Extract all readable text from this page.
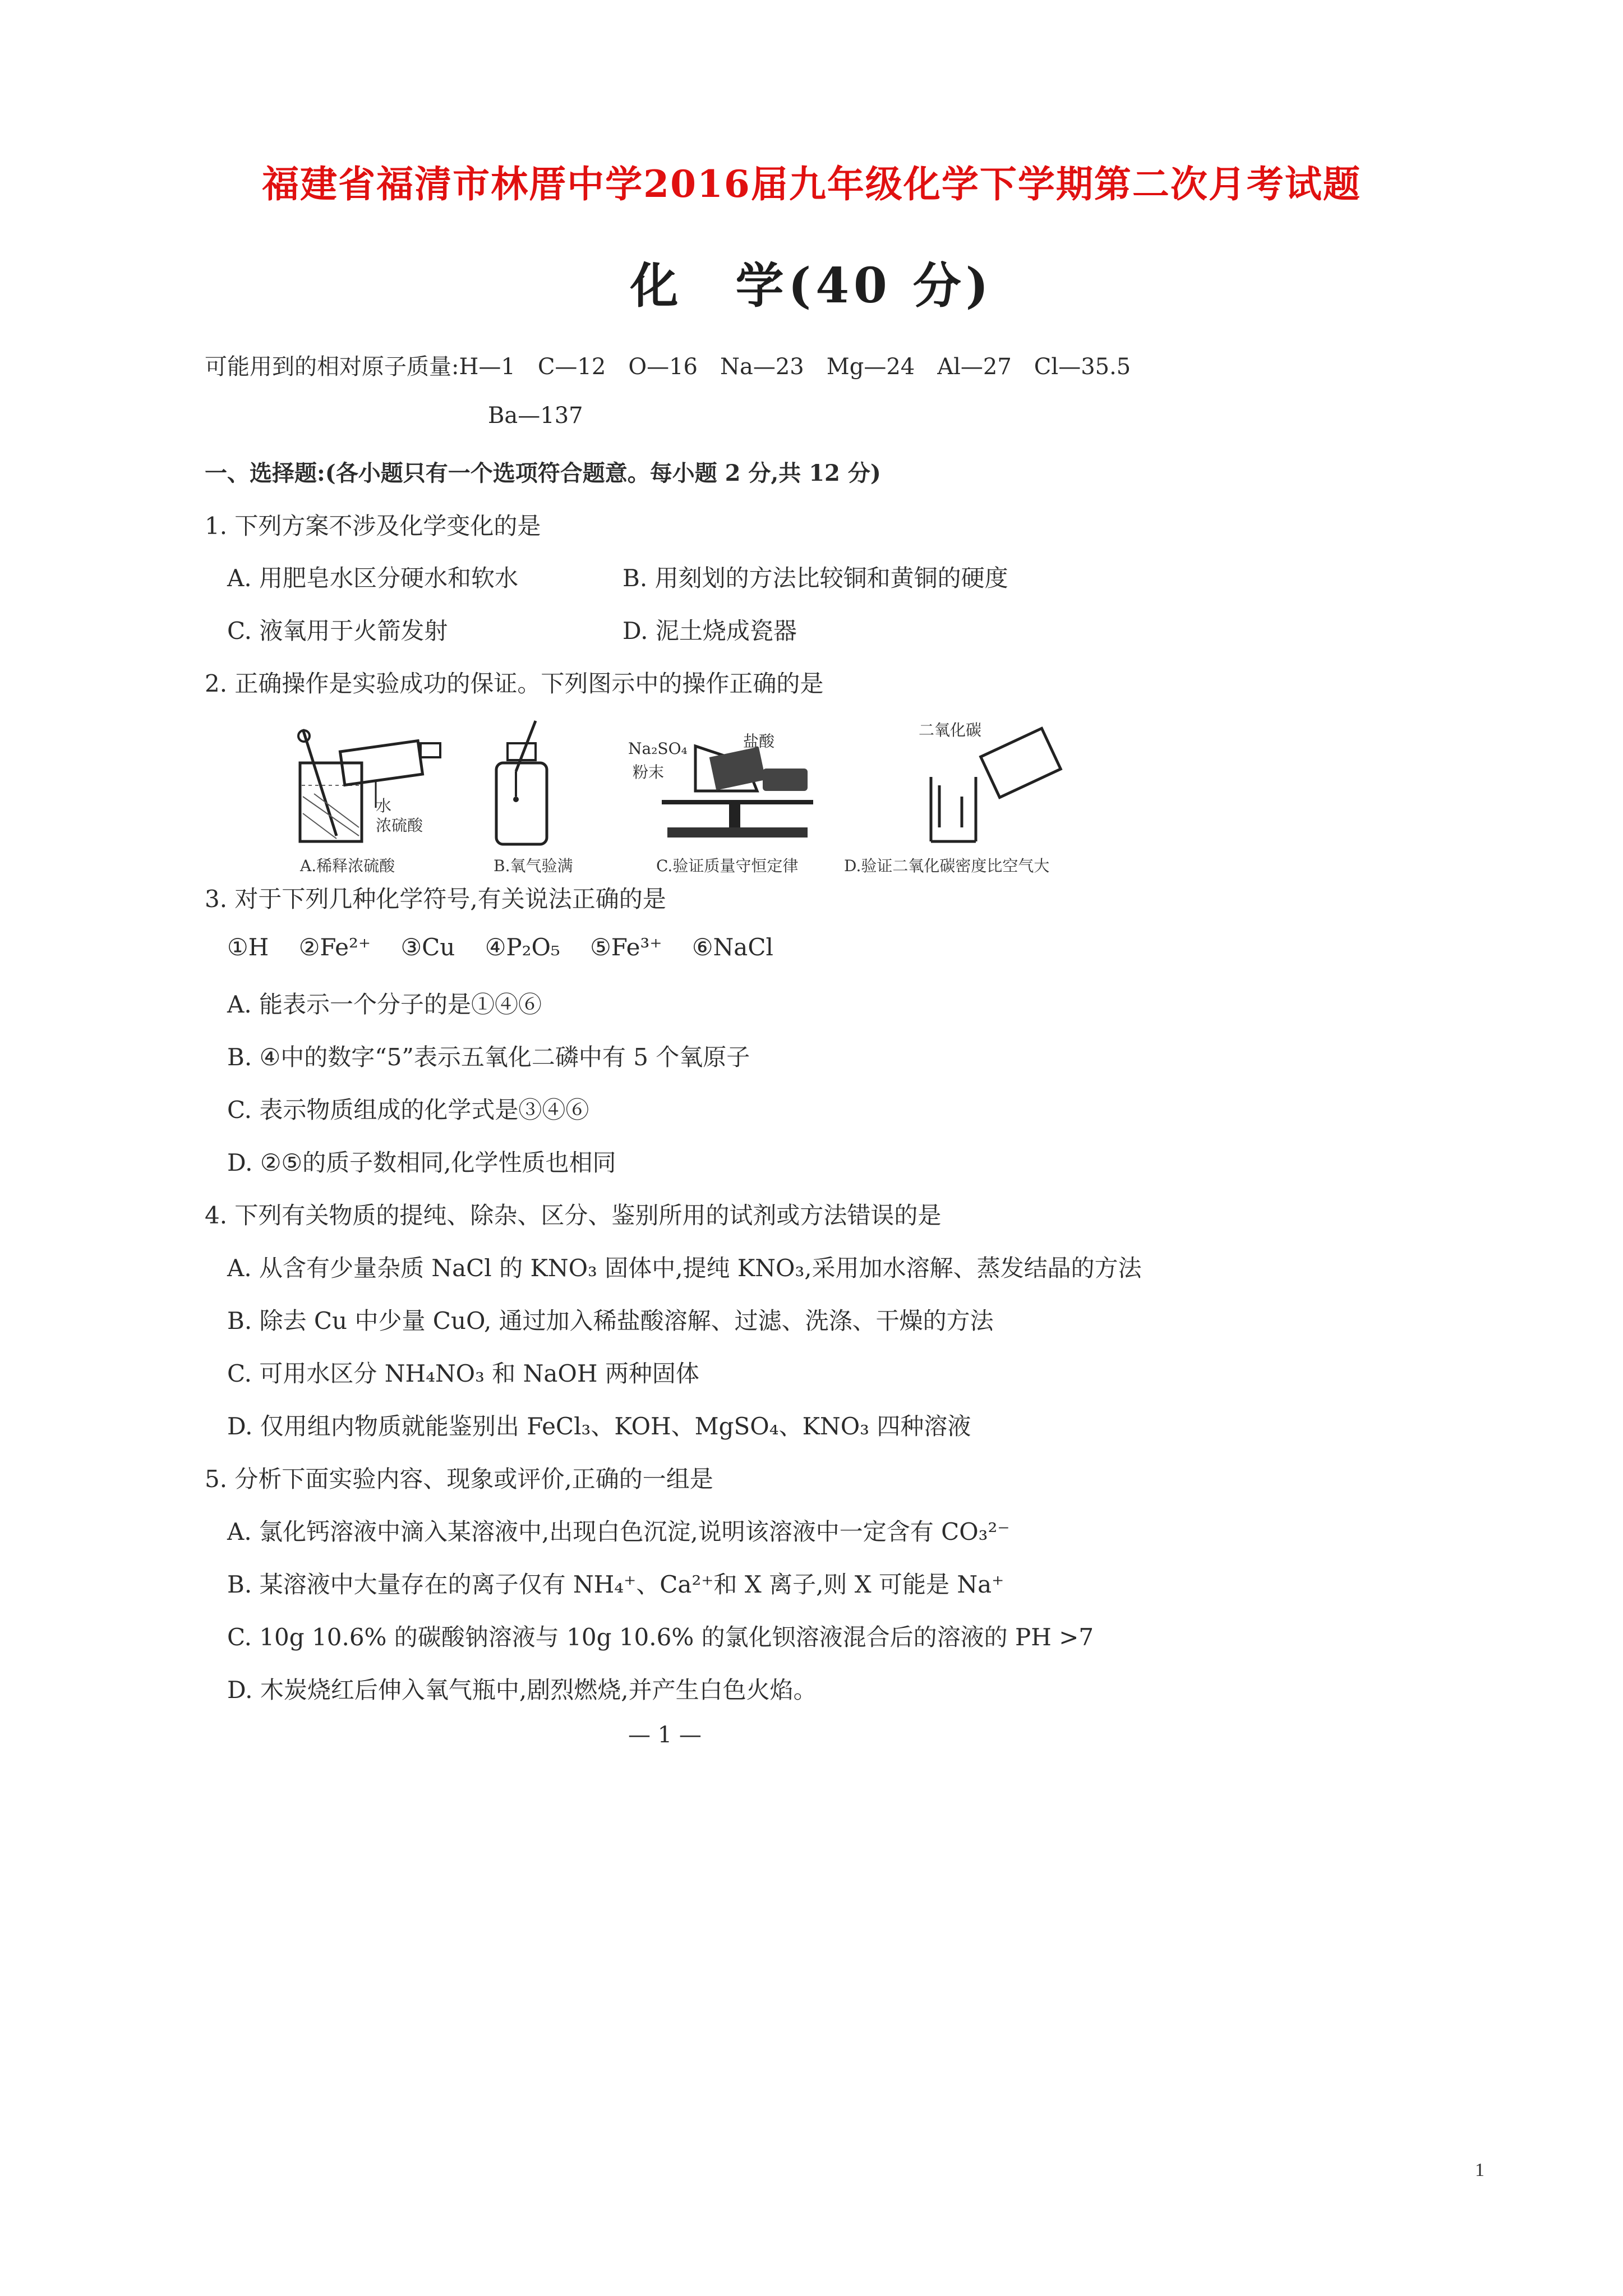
福建省福清市林厝中学2016届九年级化学下学期第二次月考试题
化　学(40 分)
可能用到的相对原子质量:H—1　C—12　O—16　Na—23　Mg—24　Al—27　Cl—35.5
Ba—137
一、选择题:(各小题只有一个选项符合题意。每小题 2 分,共 12 分)
1. 下列方案不涉及化学变化的是
A. 用肥皂水区分硬水和软水	B. 用刻划的方法比较铜和黄铜的硬度
C. 液氧用于火箭发射	D. 泥土烧成瓷器
2. 正确操作是实验成功的保证。下列图示中的操作正确的是
水
浓硫酸
A.稀释浓硫酸	B.氧气验满
Na₂SO₄
粉末
盐酸
C.验证质量守恒定律
二氧化碳
D.验证二氧化碳密度比空气大
3. 对于下列几种化学符号,有关说法正确的是
①H ②Fe²⁺ ③Cu ④P₂O₅ ⑤Fe³⁺ ⑥NaCl
A. 能表示一个分子的是①④⑥
B. ④中的数字“5”表示五氧化二磷中有 5 个氧原子
C. 表示物质组成的化学式是③④⑥
D. ②⑤的质子数相同,化学性质也相同
4. 下列有关物质的提纯、除杂、区分、鉴别所用的试剂或方法错误的是
A. 从含有少量杂质 NaCl 的 KNO₃ 固体中,提纯 KNO₃,采用加水溶解、蒸发结晶的方法
B. 除去 Cu 中少量 CuO, 通过加入稀盐酸溶解、过滤、洗涤、干燥的方法
C. 可用水区分 NH₄NO₃ 和 NaOH 两种固体
D. 仅用组内物质就能鉴别出 FeCl₃、KOH、MgSO₄、KNO₃ 四种溶液
5. 分析下面实验内容、现象或评价,正确的一组是
A. 氯化钙溶液中滴入某溶液中,出现白色沉淀,说明该溶液中一定含有 CO₃²⁻
B. 某溶液中大量存在的离子仅有 NH₄⁺、Ca²⁺和 X 离子,则 X 可能是 Na⁺
C. 10g 10.6% 的碳酸钠溶液与 10g 10.6% 的氯化钡溶液混合后的溶液的 PH >7
D. 木炭烧红后伸入氧气瓶中,剧烈燃烧,并产生白色火焰。
— 1 —
1
